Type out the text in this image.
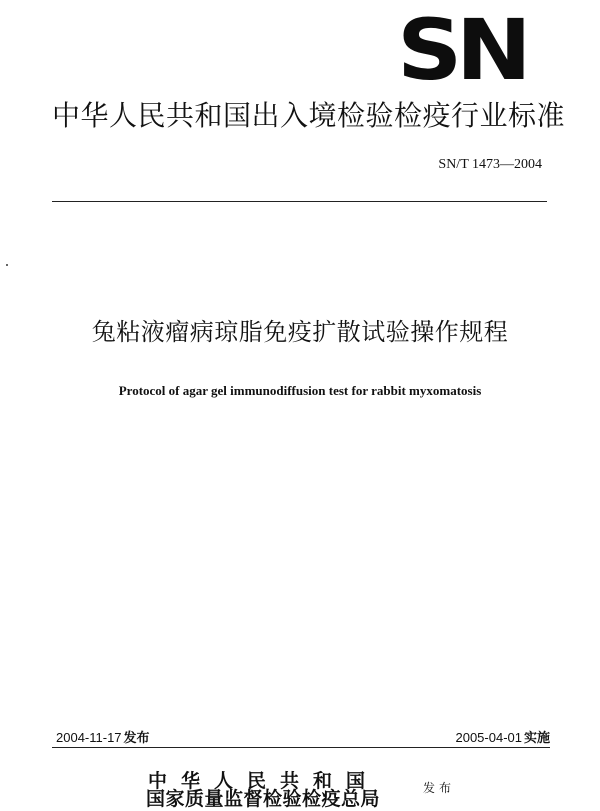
SN
中华人民共和国出入境检验检疫行业标准
SN/T 1473—2004
兔粘液瘤病琼脂免疫扩散试验操作规程
Protocol of agar gel immunodiffusion test for rabbit myxomatosis
2004-11-17 发布	2005-04-01 实施
中华人民共和国
国家质量监督检验检疫总局	发布
